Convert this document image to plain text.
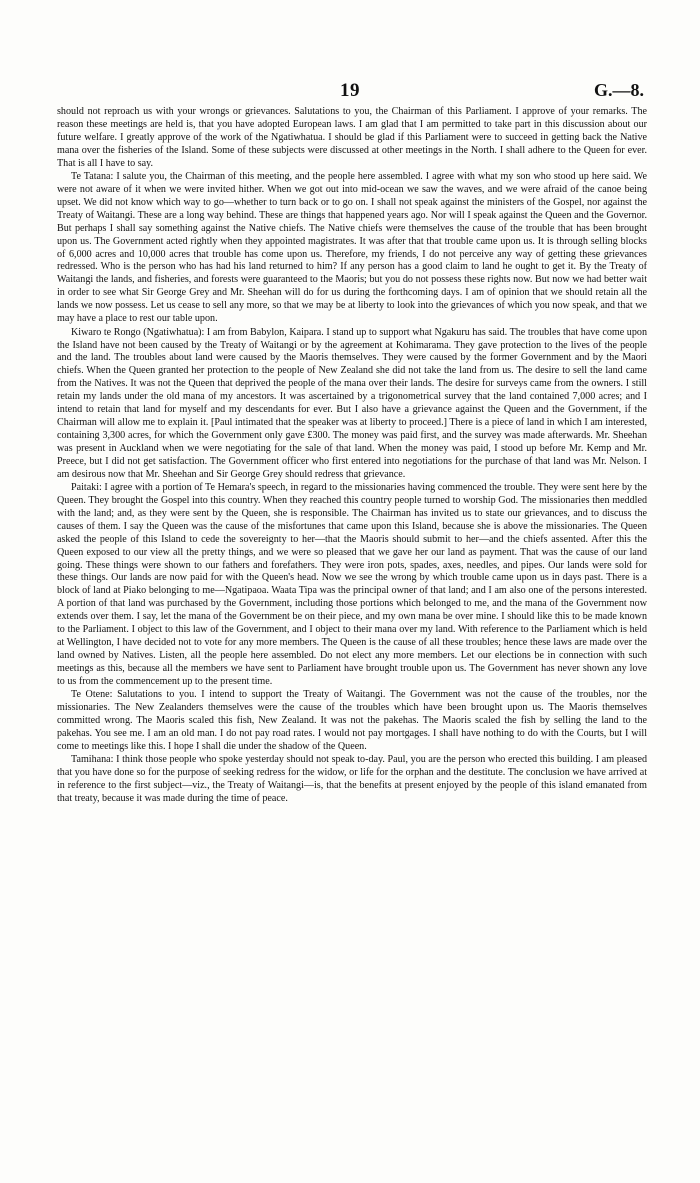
19	G.—8.

should not reproach us with your wrongs or grievances. Salutations to you, the Chairman of this Parliament. I approve of your remarks. The reason these meetings are held is, that you have adopted European laws. I am glad that I am permitted to take part in this discussion about our future welfare. I greatly approve of the work of the Ngatiwhatua. I should be glad if this Parliament were to succeed in getting back the Native mana over the fisheries of the Island. Some of these subjects were discussed at other meetings in the North. I shall adhere to the Queen for ever. That is all I have to say.

Te Tatana: I salute you, the Chairman of this meeting, and the people here assembled. I agree with what my son who stood up here said. We were not aware of it when we were invited hither. When we got out into mid-ocean we saw the waves, and we were afraid of the canoe being upset. We did not know which way to go—whether to turn back or to go on. I shall not speak against the ministers of the Gospel, nor against the Treaty of Waitangi. These are a long way behind. These are things that happened years ago. Nor will I speak against the Queen and the Governor. But perhaps I shall say something against the Native chiefs. The Native chiefs were themselves the cause of the trouble that has been brought upon us. The Government acted rightly when they appointed magistrates. It was after that that trouble came upon us. It is through selling blocks of 6,000 acres and 10,000 acres that trouble has come upon us. Therefore, my friends, I do not perceive any way of getting these grievances redressed. Who is the person who has had his land returned to him? If any person has a good claim to land he ought to get it. By the Treaty of Waitangi the lands, and fisheries, and forests were guaranteed to the Maoris; but you do not possess these rights now. But now we had better wait in order to see what Sir George Grey and Mr. Sheehan will do for us during the forthcoming days. I am of opinion that we should retain all the lands we now possess. Let us cease to sell any more, so that we may be at liberty to look into the grievances of which you now speak, and that we may have a place to rest our table upon.

Kiwaro te Rongo (Ngatiwhatua): I am from Babylon, Kaipara. I stand up to support what Ngakuru has said. The troubles that have come upon the Island have not been caused by the Treaty of Waitangi or by the agreement at Kohimarama. They gave protection to the lives of the people and the land. The troubles about land were caused by the Maoris themselves. They were caused by the former Government and by the Maori chiefs. When the Queen granted her protection to the people of New Zealand she did not take the land from us. The desire to sell the land came from the Natives. It was not the Queen that deprived the people of the mana over their lands. The desire for surveys came from the owners. I still retain my lands under the old mana of my ancestors. It was ascertained by a trigonometrical survey that the land contained 7,000 acres; and I intend to retain that land for myself and my descendants for ever. But I also have a grievance against the Queen and the Government, if the Chairman will allow me to explain it. [Paul intimated that the speaker was at liberty to proceed.] There is a piece of land in which I am interested, containing 3,300 acres, for which the Government only gave £300. The money was paid first, and the survey was made afterwards. Mr. Sheehan was present in Auckland when we were negotiating for the sale of that land. When the money was paid, I stood up before Mr. Kemp and Mr. Preece, but I did not get satisfaction. The Government officer who first entered into negotiations for the purchase of that land was Mr. Nelson. I am desirous now that Mr. Sheehan and Sir George Grey should redress that grievance.

Paitaki: I agree with a portion of Te Hemara's speech, in regard to the missionaries having commenced the trouble. They were sent here by the Queen. They brought the Gospel into this country. When they reached this country people turned to worship God. The missionaries then meddled with the land; and, as they were sent by the Queen, she is responsible. The Chairman has invited us to state our grievances, and to discuss the causes of them. I say the Queen was the cause of the misfortunes that came upon this Island, because she is above the missionaries. The Queen asked the people of this Island to cede the sovereignty to her—that the Maoris should submit to her—and the chiefs assented. After this the Queen exposed to our view all the pretty things, and we were so pleased that we gave her our land as payment. That was the cause of our land going. These things were shown to our fathers and forefathers. They were iron pots, spades, axes, needles, and pipes. Our lands were sold for these things. Our lands are now paid for with the Queen's head. Now we see the wrong by which trouble came upon us in days past. There is a block of land at Piako belonging to me—Ngatipaoa. Waata Tipa was the principal owner of that land; and I am also one of the persons interested. A portion of that land was purchased by the Government, including those portions which belonged to me, and the mana of the Government now extends over them. I say, let the mana of the Government be on their piece, and my own mana be over mine. I should like this to be made known to the Parliament. I object to this law of the Government, and I object to their mana over my land. With reference to the Parliament which is held at Wellington, I have decided not to vote for any more members. The Queen is the cause of all these troubles; hence these laws are made over the land owned by Natives. Listen, all the people here assembled. Do not elect any more members. Let our elections be in connection with such meetings as this, because all the members we have sent to Parliament have brought trouble upon us. The Government has never shown any love to us from the commencement up to the present time.

Te Otene: Salutations to you. I intend to support the Treaty of Waitangi. The Government was not the cause of the troubles, nor the missionaries. The New Zealanders themselves were the cause of the troubles which have been brought upon us. The Maoris themselves committed wrong. The Maoris scaled this fish, New Zealand. It was not the pakehas. The Maoris scaled the fish by selling the land to the pakehas. You see me. I am an old man. I do not pay road rates. I would not pay mortgages. I shall have nothing to do with the Courts, but I will come to meetings like this. I hope I shall die under the shadow of the Queen.

Tamihana: I think those people who spoke yesterday should not speak to-day. Paul, you are the person who erected this building. I am pleased that you have done so for the purpose of seeking redress for the widow, or life for the orphan and the destitute. The conclusion we have arrived at in reference to the first subject—viz., the Treaty of Waitangi—is, that the benefits at present enjoyed by the people of this island emanated from that treaty, because it was made during the time of peace.
